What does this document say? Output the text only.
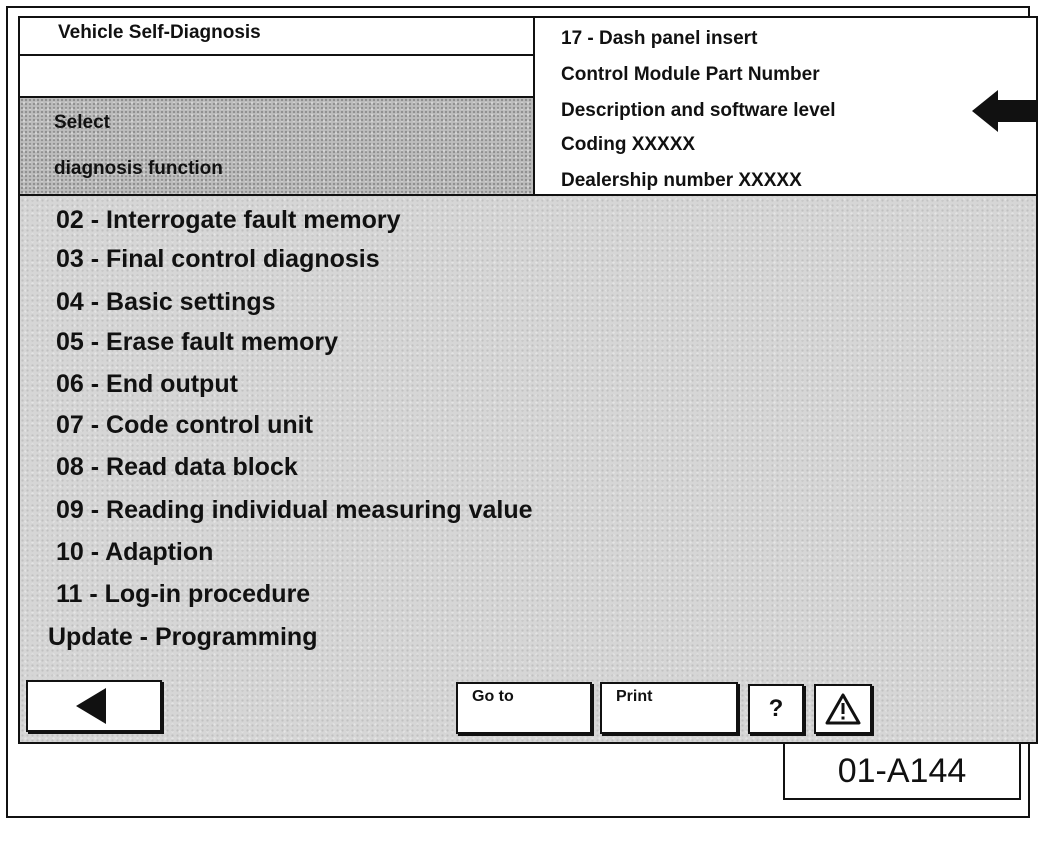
Vehicle Self-Diagnosis
Select
diagnosis function
17 - Dash panel insert
Control Module Part Number
Description and software level
Coding XXXXX
Dealership number XXXXX
02 - Interrogate fault memory
03 - Final control diagnosis
04 - Basic settings
05 - Erase fault memory
06 - End output
07 - Code control unit
08 - Read data block
09 - Reading individual measuring value
10 - Adaption
11 - Log-in procedure
Update - Programming
Go to	Print	?
01-A144
